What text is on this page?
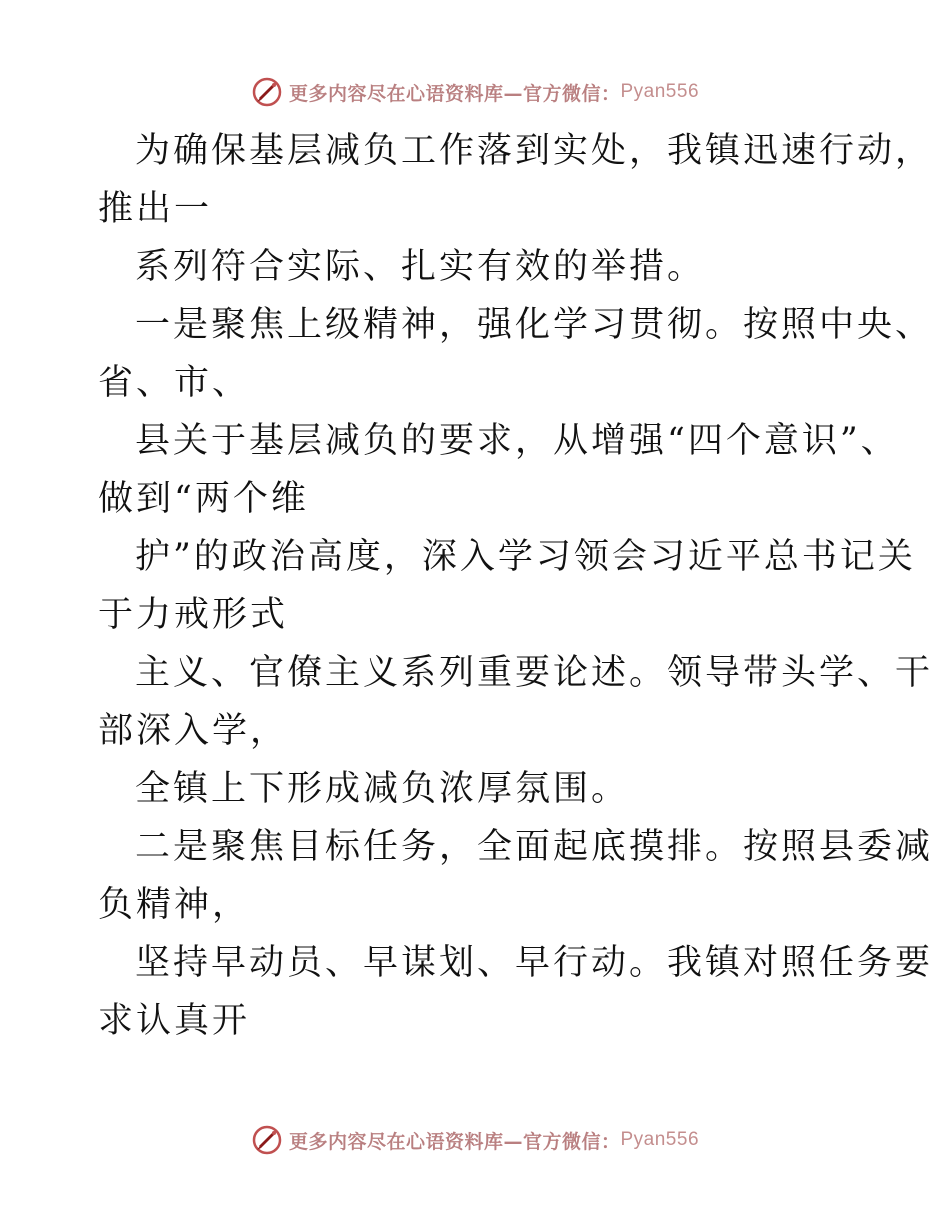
更多内容尽在心语资料库—官方微信： Pyan556
为确保基层减负工作落到实处，我镇迅速行动，
推出一
系列符合实际、扎实有效的举措。
一是聚焦上级精神，强化学习贯彻。按照中央、
省、市、
县关于基层减负的要求，从增强“四个意识”、
做到“两个维
护”的政治高度，深入学习领会习近平总书记关
于力戒形式
主义、官僚主义系列重要论述。领导带头学、干
部深入学，
全镇上下形成减负浓厚氛围。
二是聚焦目标任务，全面起底摸排。按照县委减
负精神，
坚持早动员、早谋划、早行动。我镇对照任务要
求认真开
更多内容尽在心语资料库—官方微信： Pyan556
